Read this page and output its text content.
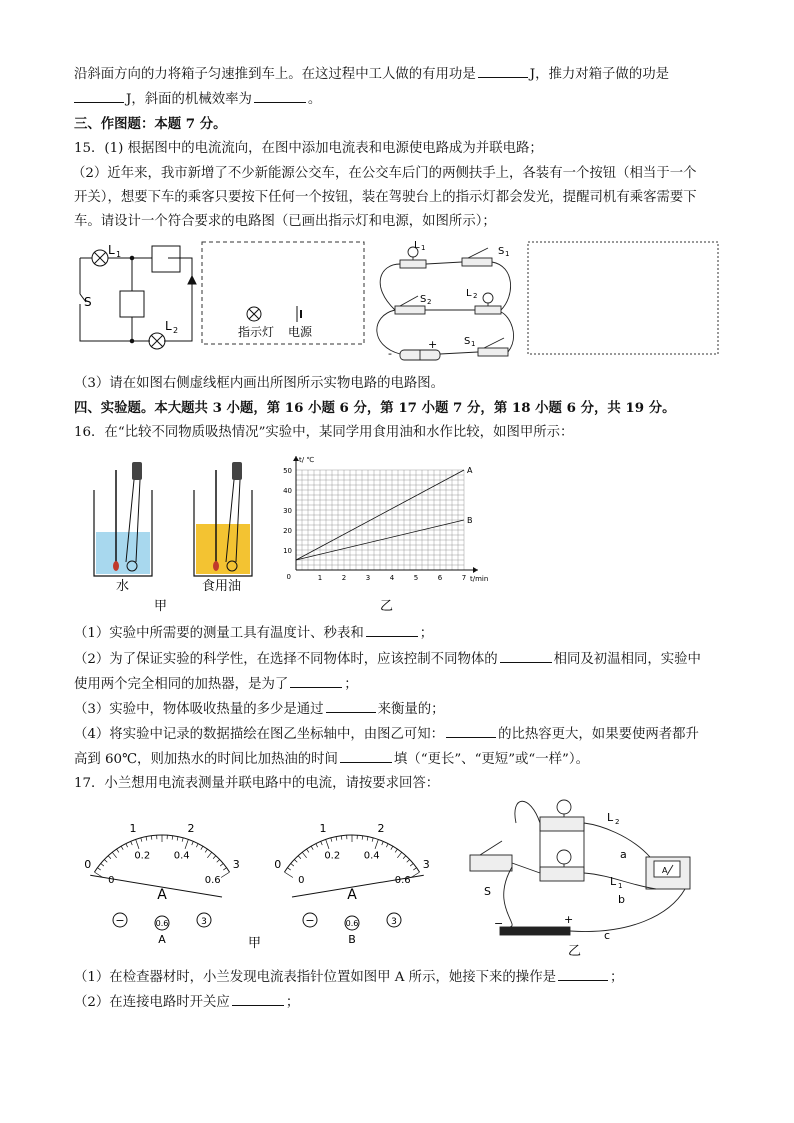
沿斜面方向的力将箱子匀速推到车上。在这过程中工人做的有用功是	J，推力对箱子做的功是
J，斜面的机械效率为	。
三、作图题：本题 7 分。
15．(1) 根据图中的电流流向，在图中添加电流表和电源使电路成为并联电路；
（2）近年来，我市新增了不少新能源公交车，在公交车后门的两侧扶手上，各装有一个按钮（相当于一个
开关），想要下车的乘客只要按下任何一个按钮，装在驾驶台上的指示灯都会发光，提醒司机有乘客需要下
车。请设计一个符合要求的电路图（已画出指示灯和电源，如图所示）；
L 1
S
L 2	指示灯 电源
L 1	S 1
S 2
L 2
S 1
-
+
（3）请在如图右侧虚线框内画出所图所示实物电路的电路图。
四、实验题。本大题共 3 小题，第 16 小题 6 分，第 17 小题 7 分，第 18 小题 6 分，共 19 分。
16．在“比较不同物质吸热情况”实验中，某同学用食用油和水作比较，如图甲所示：
水	食用油
甲	乙
10
20
30
40
50
1	2	3	4	5	6	7
0
t/ ℃
t/min
A
B
（1）实验中所需要的测量工具有温度计、秒表和	；
（2）为了保证实验的科学性，在选择不同物体时，应该控制不同物体的	相同及初温相同，实验中
使用两个完全相同的加热器，是为了	；
（3）实验中，物体吸收热量的多少是通过	来衡量的；
（4）将实验中记录的数据描绘在图乙坐标轴中，由图乙可知：	的比热容更大，如果要使两者都升
高到 60℃，则加热水的时间比加热油的时间	填（“更长”、“更短”或“一样”）。
17．小兰想用电流表测量并联电路中的电流，请按要求回答：
0
1	2
3
0
0.2 0.4
0.6
A
−	0.6	3
A
0
1	2
3
0
0.2 0.4
0.6
A
−	0.6	3
B
甲
L 2
L 1
a
b
c
S
−	+
A
乙
（1）在检查器材时，小兰发现电流表指针位置如图甲 A 所示，她接下来的操作是	；
（2）在连接电路时开关应	；
